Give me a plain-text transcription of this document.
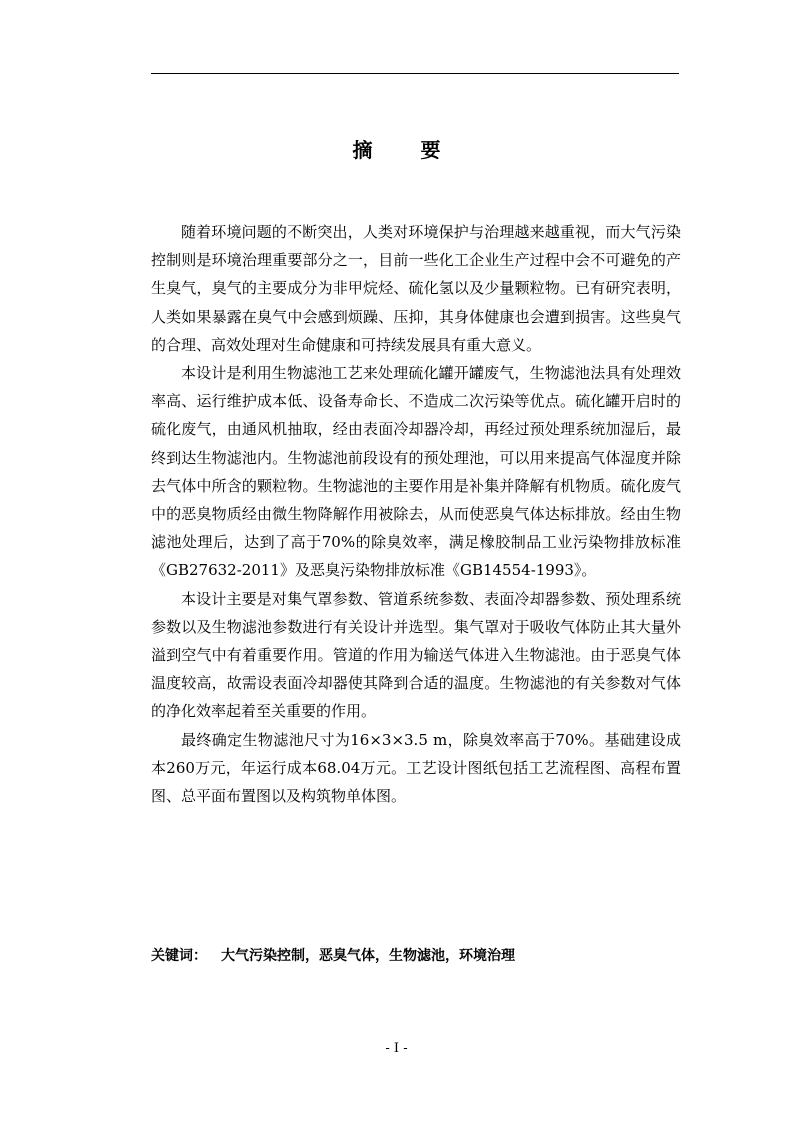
摘　要

随着环境问题的不断突出，人类对环境保护与治理越来越重视，而大气污染控制则是环境治理重要部分之一，目前一些化工企业生产过程中会不可避免的产生臭气，臭气的主要成分为非甲烷烃、硫化氢以及少量颗粒物。已有研究表明，人类如果暴露在臭气中会感到烦躁、压抑，其身体健康也会遭到损害。这些臭气的合理、高效处理对生命健康和可持续发展具有重大意义。

本设计是利用生物滤池工艺来处理硫化罐开罐废气，生物滤池法具有处理效率高、运行维护成本低、设备寿命长、不造成二次污染等优点。硫化罐开启时的硫化废气，由通风机抽取，经由表面冷却器冷却，再经过预处理系统加湿后，最终到达生物滤池内。生物滤池前段设有的预处理池，可以用来提高气体湿度并除去气体中所含的颗粒物。生物滤池的主要作用是补集并降解有机物质。硫化废气中的恶臭物质经由微生物降解作用被除去，从而使恶臭气体达标排放。经由生物滤池处理后，达到了高于70%的除臭效率，满足橡胶制品工业污染物排放标准《GB27632-2011》及恶臭污染物排放标准《GB14554-1993》。

本设计主要是对集气罩参数、管道系统参数、表面冷却器参数、预处理系统参数以及生物滤池参数进行有关设计并选型。集气罩对于吸收气体防止其大量外溢到空气中有着重要作用。管道的作用为输送气体进入生物滤池。由于恶臭气体温度较高，故需设表面冷却器使其降到合适的温度。生物滤池的有关参数对气体的净化效率起着至关重要的作用。

最终确定生物滤池尺寸为16×3×3.5 m，除臭效率高于70%。基础建设成本260万元，年运行成本68.04万元。工艺设计图纸包括工艺流程图、高程布置图、总平面布置图以及构筑物单体图。

关键词： 大气污染控制，恶臭气体，生物滤池，环境治理
- I -
